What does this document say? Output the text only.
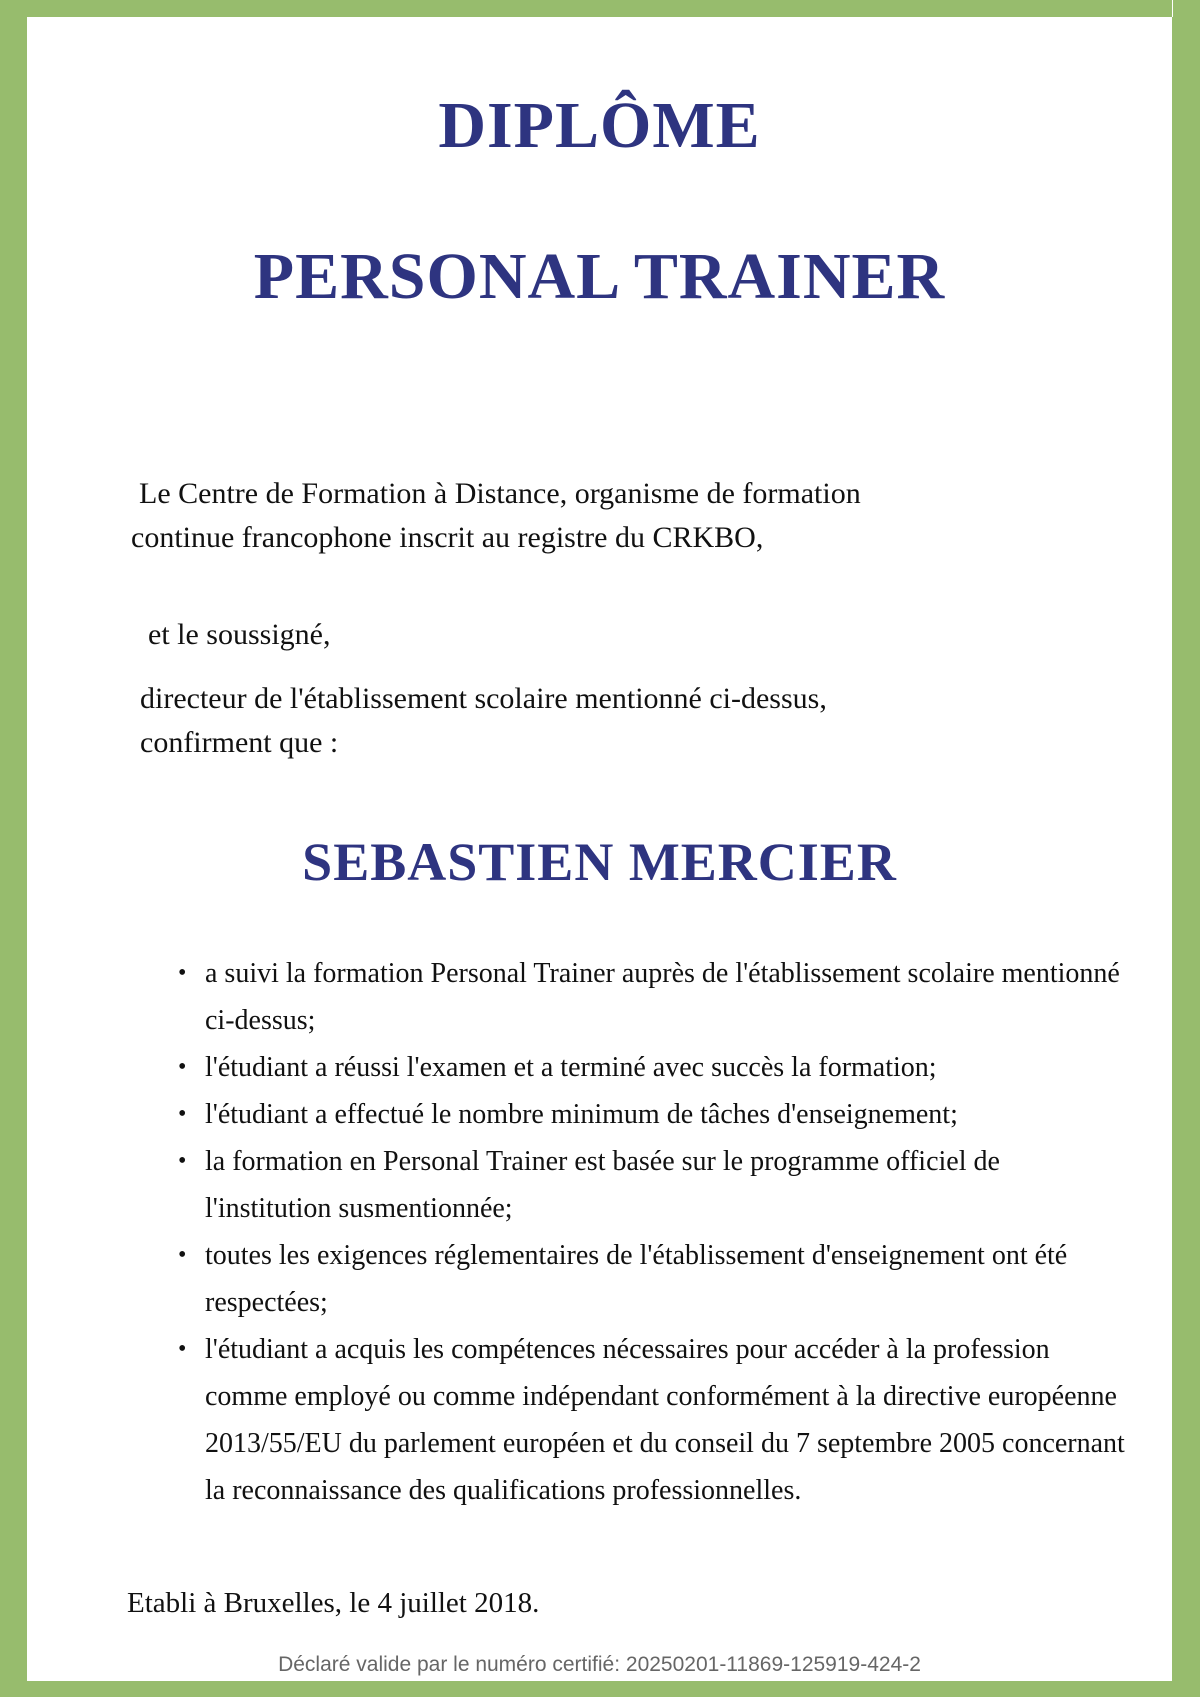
DIPLÔME
PERSONAL TRAINER

Le Centre de Formation à Distance, organisme de formation
continue francophone inscrit au registre du CRKBO,

et le soussigné,

directeur de l'établissement scolaire mentionné ci-dessus,
confirment que :

SEBASTIEN MERCIER
• a suivi la formation Personal Trainer auprès de l'établissement scolaire mentionné ci-dessus;
• l'étudiant a réussi l'examen et a terminé avec succès la formation;
• l'étudiant a effectué le nombre minimum de tâches d'enseignement;
• la formation en Personal Trainer est basée sur le programme officiel de l'institution susmentionnée;
• toutes les exigences réglementaires de l'établissement d'enseignement ont été respectées;
• l'étudiant a acquis les compétences nécessaires pour accéder à la profession comme employé ou comme indépendant conformément à la directive européenne 2013/55/EU du parlement européen et du conseil du 7 septembre 2005 concernant la reconnaissance des qualifications professionnelles.

Etabli à Bruxelles, le 4 juillet 2018.

Déclaré valide par le numéro certifié: 20250201-11869-125919-424-2
